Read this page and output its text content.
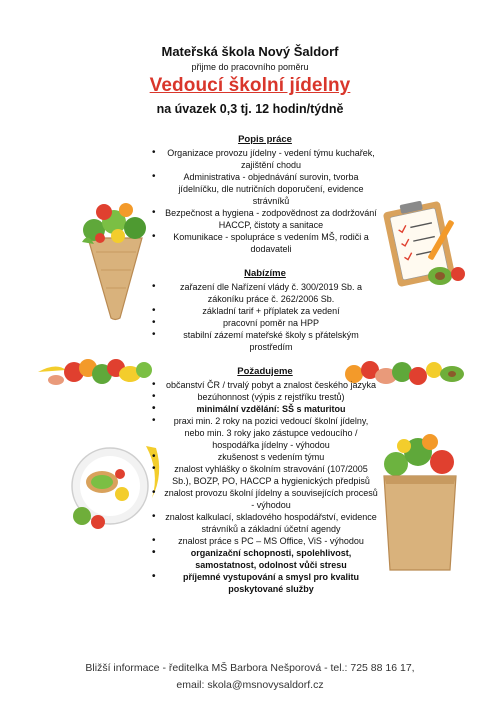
Mateřská škola Nový Šaldorf
přijme do pracovního poměru
Vedoucí školní jídelny
na úvazek 0,3 tj. 12 hodin/týdně
Popis práce
• Organizace provozu jídelny - vedení týmu kuchařek, zajištění chodu
• Administrativa - objednávání surovin, tvorba jídelníčku, dle nutričních doporučení, evidence strávníků
• Bezpečnost a hygiena - zodpovědnost za dodržování HACCP, čistoty a sanitace
• Komunikace - spolupráce s vedením MŠ, rodiči a dodavateli
Nabízíme
• zařazení dle Nařízení vlády č. 300/2019 Sb. a zákoníku práce č. 262/2006 Sb.
• základní tarif + příplatek za vedení
• pracovní poměr na HPP
• stabilní zázemí mateřské školy s přátelským prostředím
Požadujeme
• občanství ČR / trvalý pobyt a znalost českého jazyka
• bezúhonnost (výpis z rejstříku trestů)
• minimální vzdělání: SŠ s maturitou
• praxi min. 2 roky na pozici vedoucí školní jídelny, nebo min. 3 roky jako zástupce vedoucího / hospodářka jídelny - výhodou
• zkušenost s vedením týmu
• znalost vyhlášky o školním stravování (107/2005 Sb.), BOZP, PO, HACCP a hygienických předpisů
• znalost provozu školní jídelny a souvisejících procesů - výhodou
• znalost kalkulací, skladového hospodářství, evidence strávníků a základní účetní agendy
• znalost práce s PC – MS Office, ViS - výhodou
• organizační schopnosti, spolehlivost, samostatnost, odolnost vůči stresu
• příjemné vystupování a smysl pro kvalitu poskytované služby
Bližší informace - ředitelka MŠ Barbora Nešporová - tel.: 725 88 16 17,
email: skola@msnovysaldorf.cz
